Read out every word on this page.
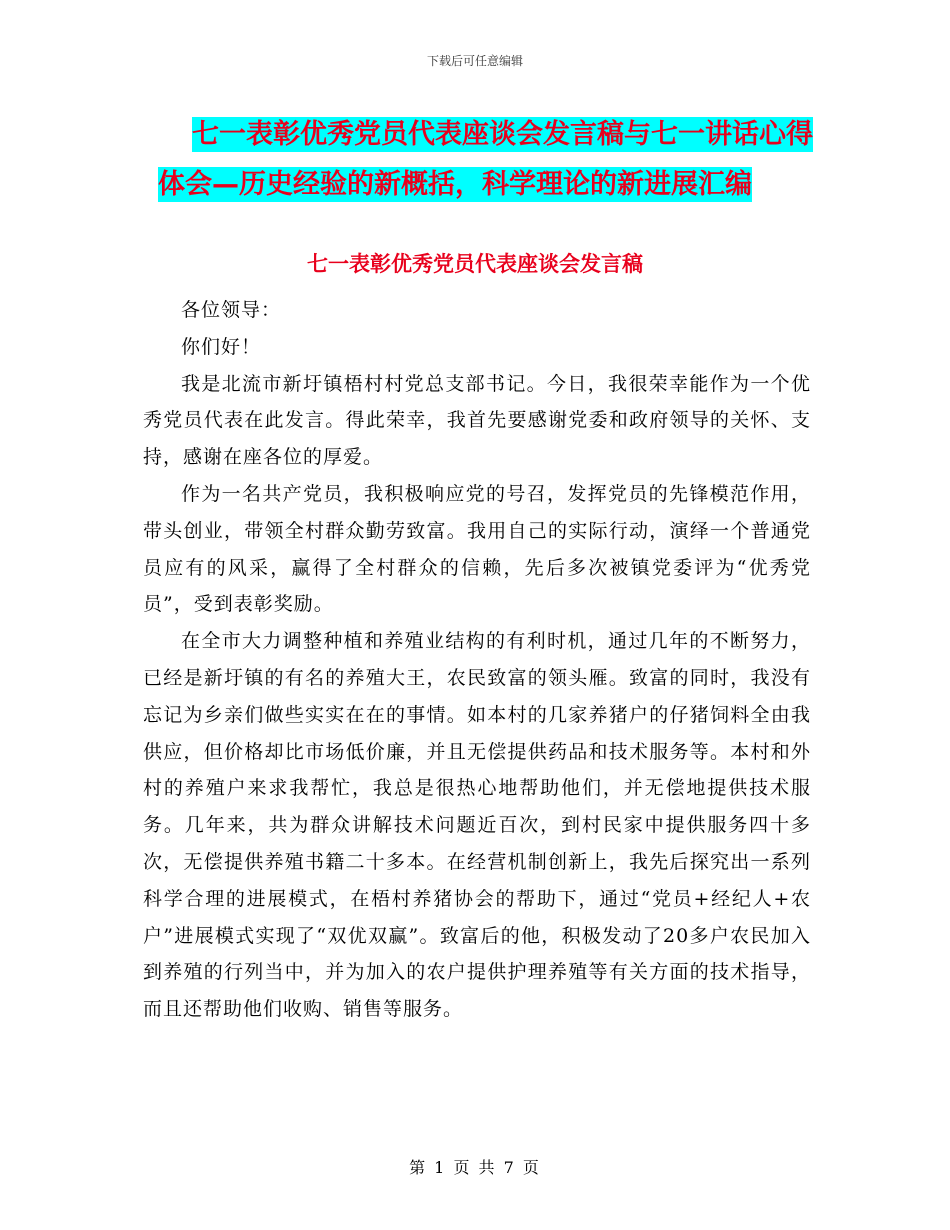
下载后可任意编辑
七一表彰优秀党员代表座谈会发言稿与七一讲话心得
体会—历史经验的新概括，科学理论的新进展汇编
七一表彰优秀党员代表座谈会发言稿

各位领导：

你们好！

我是北流市新圩镇梧村村党总支部书记。今日，我很荣幸能作为一个优秀党员代表在此发言。得此荣幸，我首先要感谢党委和政府领导的关怀、支持，感谢在座各位的厚爱。

作为一名共产党员，我积极响应党的号召，发挥党员的先锋模范作用，带头创业，带领全村群众勤劳致富。我用自己的实际行动，演绎一个普通党员应有的风采，赢得了全村群众的信赖，先后多次被镇党委评为“优秀党员”，受到表彰奖励。

在全市大力调整种植和养殖业结构的有利时机，通过几年的不断努力，已经是新圩镇的有名的养殖大王，农民致富的领头雁。致富的同时，我没有忘记为乡亲们做些实实在在的事情。如本村的几家养猪户的仔猪饲料全由我供应，但价格却比市场低价廉，并且无偿提供药品和技术服务等。本村和外村的养殖户来求我帮忙，我总是很热心地帮助他们，并无偿地提供技术服务。几年来，共为群众讲解技术问题近百次，到村民家中提供服务四十多次，无偿提供养殖书籍二十多本。在经营机制创新上，我先后探究出一系列科学合理的进展模式，在梧村养猪协会的帮助下，通过“党员+经纪人+农户”进展模式实现了“双优双赢”。致富后的他，积极发动了20多户农民加入到养殖的行列当中，并为加入的农户提供护理养殖等有关方面的技术指导，而且还帮助他们收购、销售等服务。

第 1 页 共 7 页
